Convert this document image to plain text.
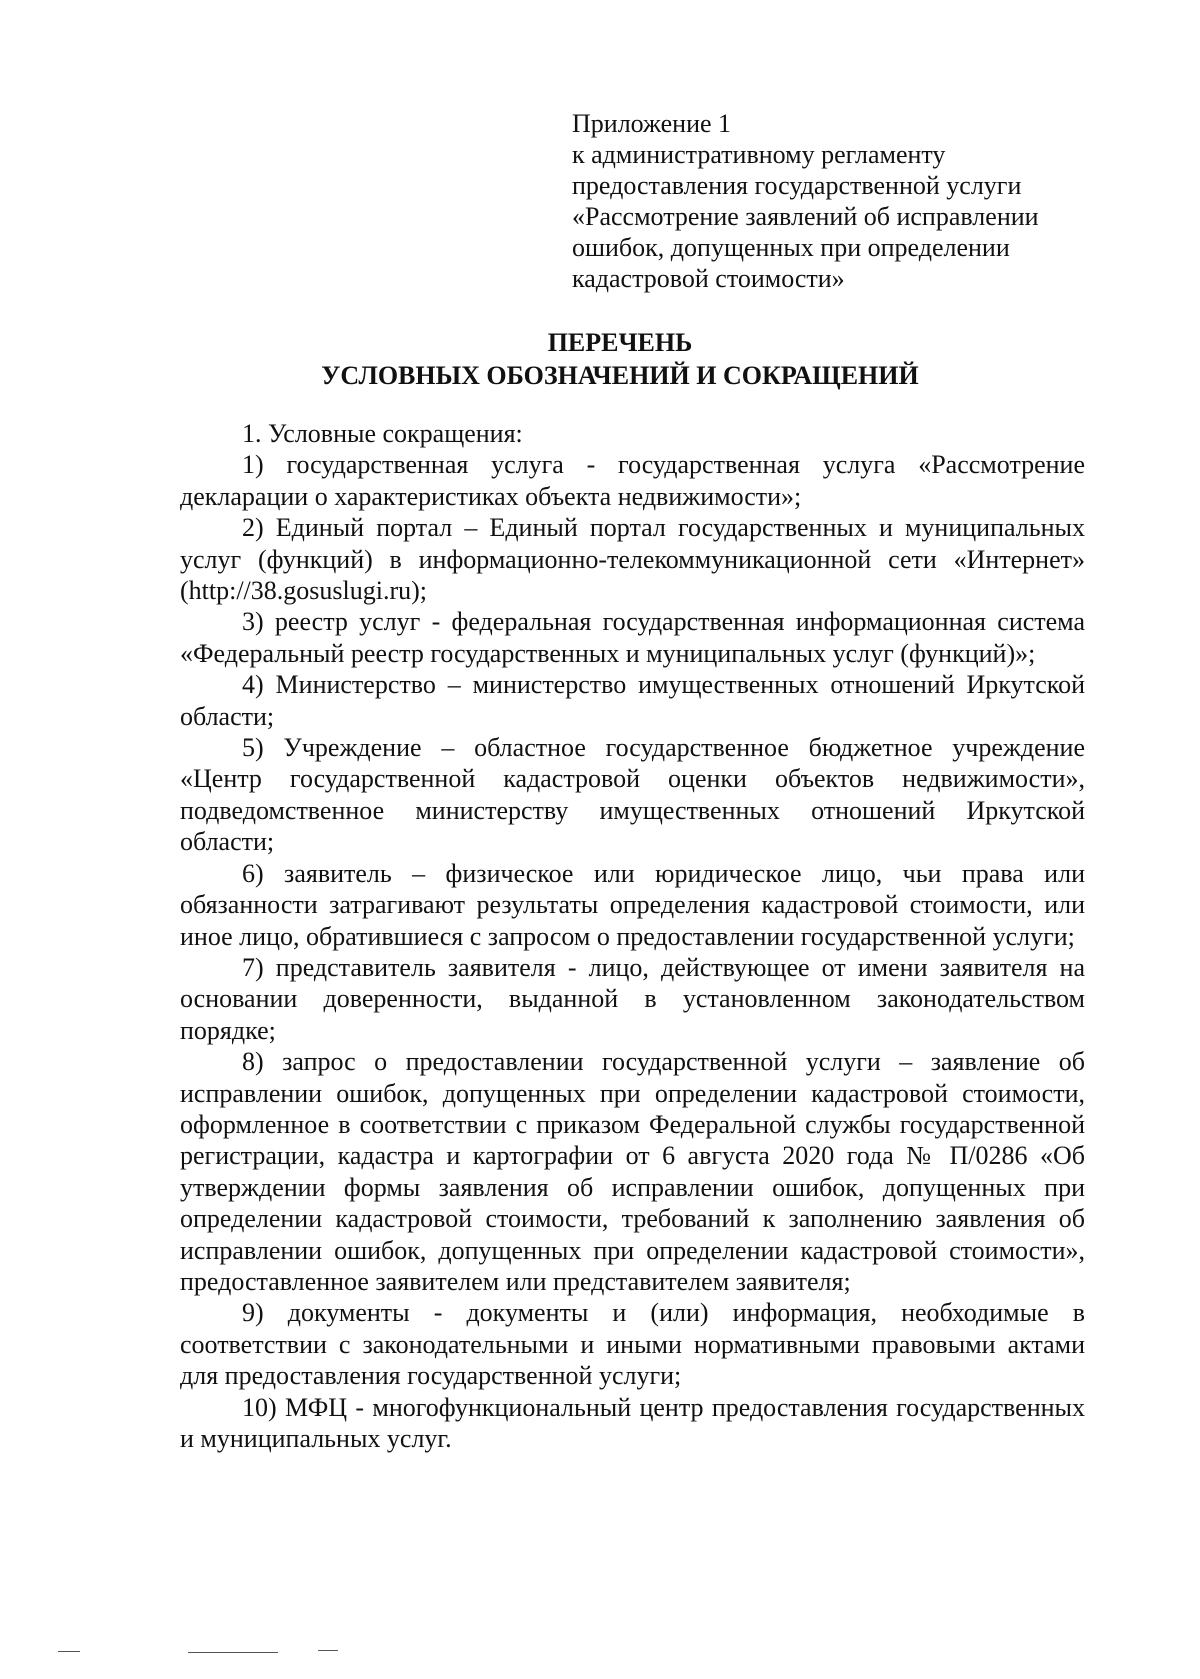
Приложение 1
к административному регламенту
предоставления государственной услуги
«Рассмотрение заявлений об исправлении
ошибок, допущенных при определении
кадастровой стоимости»
ПЕРЕЧЕНЬ
УСЛОВНЫХ ОБОЗНАЧЕНИЙ И СОКРАЩЕНИЙ

1. Условные сокращения:

1) государственная услуга - государственная услуга «Рассмотрение декларации о характеристиках объекта недвижимости»;

2) Единый портал – Единый портал государственных и муниципальных услуг (функций) в информационно-телекоммуникационной сети «Интернет» (http://38.gosuslugi.ru);

3) реестр услуг - федеральная государственная информационная система «Федеральный реестр государственных и муниципальных услуг (функций)»;

4) Министерство – министерство имущественных отношений Иркутской области;

5) Учреждение – областное государственное бюджетное учреждение «Центр государственной кадастровой оценки объектов недвижимости», подведомственное министерству имущественных отношений Иркутской области;

6) заявитель – физическое или юридическое лицо, чьи права или обязанности затрагивают результаты определения кадастровой стоимости, или иное лицо, обратившиеся с запросом о предоставлении государственной услуги;

7) представитель заявителя - лицо, действующее от имени заявителя на основании доверенности, выданной в установленном законодательством порядке;

8) запрос о предоставлении государственной услуги – заявление об исправлении ошибок, допущенных при определении кадастровой стоимости, оформленное в соответствии с приказом Федеральной службы государственной регистрации, кадастра и картографии от 6 августа 2020 года № П/0286 «Об утверждении формы заявления об исправлении ошибок, допущенных при определении кадастровой стоимости, требований к заполнению заявления об исправлении ошибок, допущенных при определении кадастровой стоимости», предоставленное заявителем или представителем заявителя;

9) документы - документы и (или) информация, необходимые в соответствии с законодательными и иными нормативными правовыми актами для предоставления государственной услуги;

10) МФЦ - многофункциональный центр предоставления государственных и муниципальных услуг.
